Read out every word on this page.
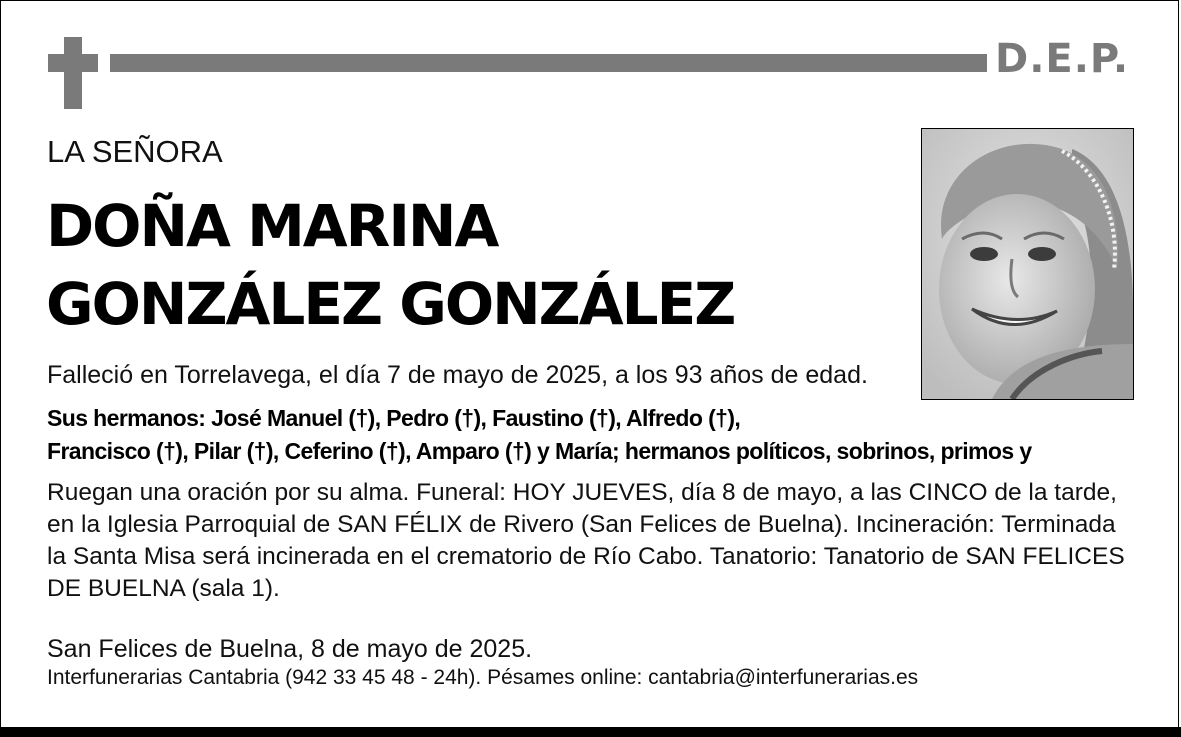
D.E.P.

LA SEÑORA

DOÑA MARINA

GONZÁLEZ GONZÁLEZ

Falleció en Torrelavega, el día 7 de mayo de 2025, a los 93 años de edad.

Sus hermanos: José Manuel (†), Pedro (†), Faustino (†), Alfredo (†),

Francisco (†), Pilar (†), Ceferino (†), Amparo (†) y María; hermanos políticos, sobrinos, primos y

Ruegan una oración por su alma. Funeral: HOY JUEVES, día 8 de mayo, a las CINCO de la tarde,

en la Iglesia Parroquial de SAN FÉLIX de Rivero (San Felices de Buelna). Incineración: Terminada

la Santa Misa será incinerada en el crematorio de Río Cabo. Tanatorio: Tanatorio de SAN FELICES

DE BUELNA (sala 1).

San Felices de Buelna, 8 de mayo de 2025.

Interfunerarias Cantabria (942 33 45 48 - 24h). Pésames online: cantabria@interfunerarias.es
